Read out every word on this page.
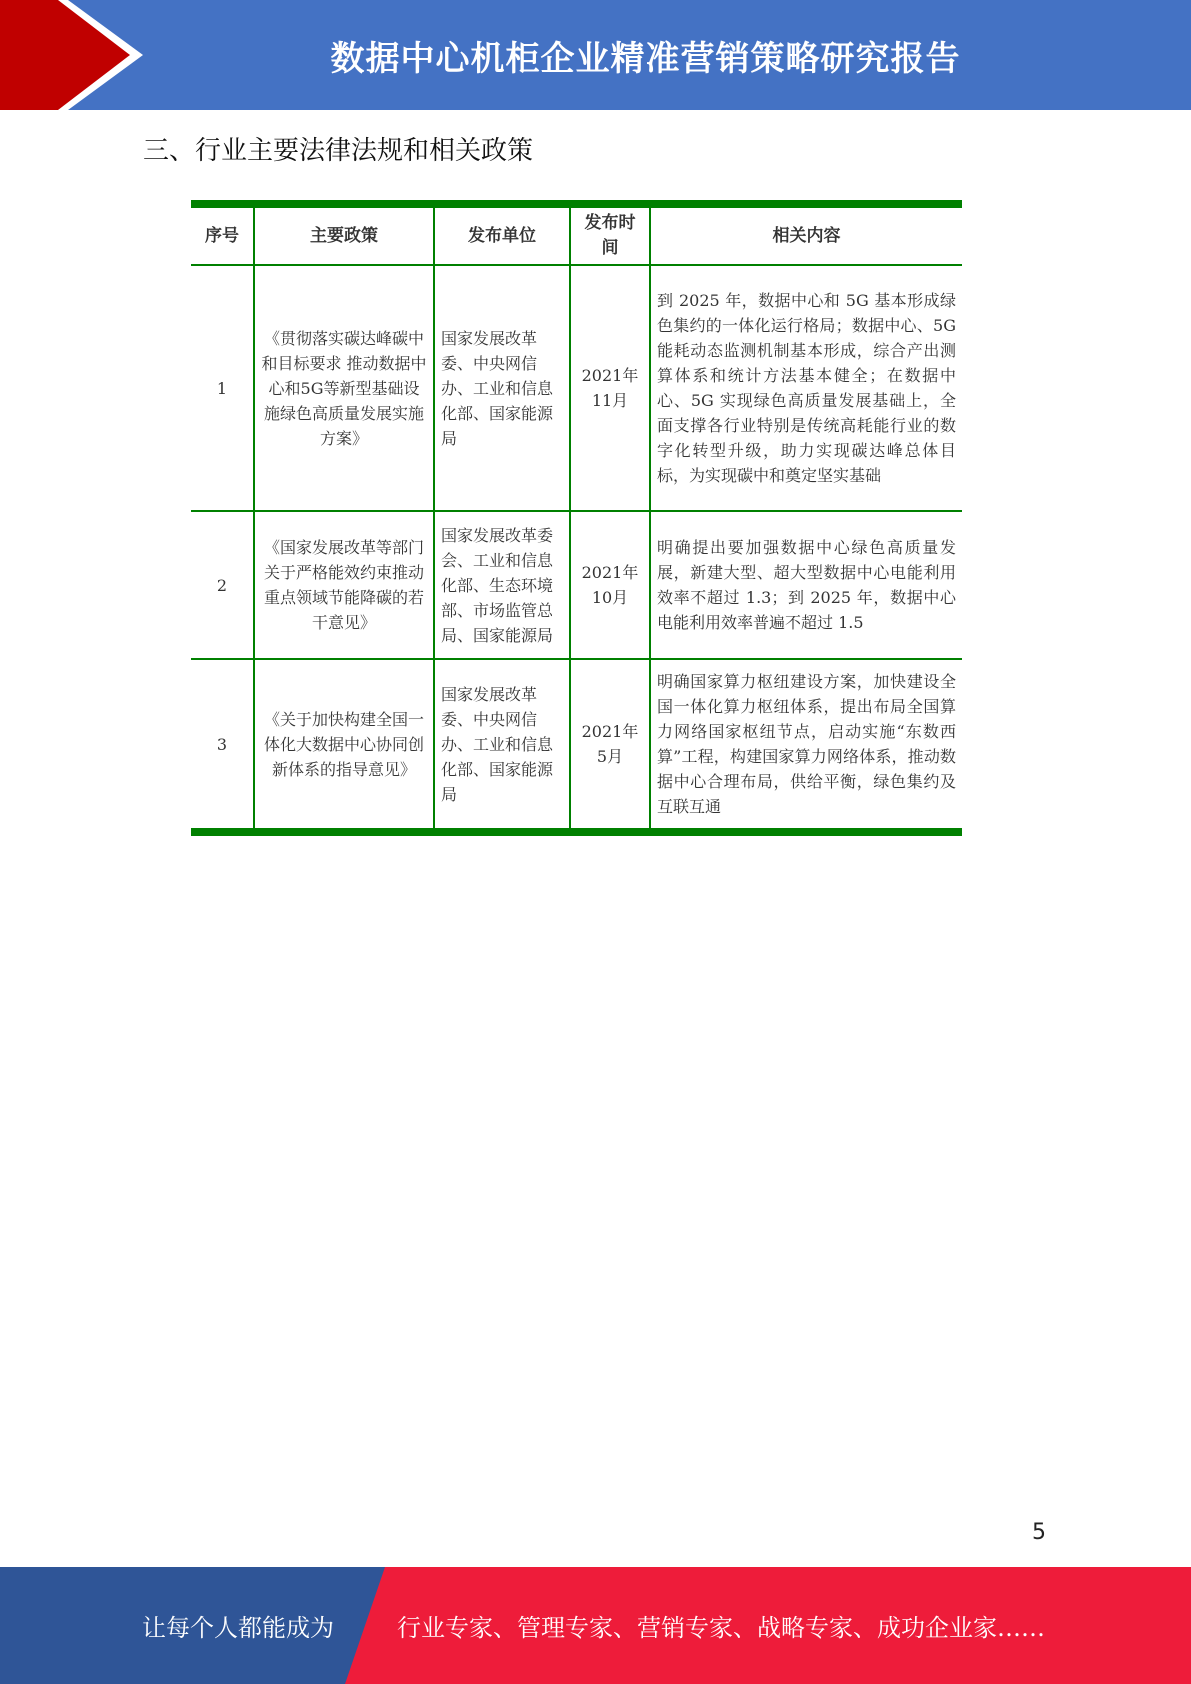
数据中心机柜企业精准营销策略研究报告
三、行业主要法律法规和相关政策
序号	主要政策	发布单位	发布时间	相关内容
1	《贯彻落实碳达峰碳中和目标要求 推动数据中心和5G等新型基础设施绿色高质量发展实施方案》	国家发展改革委、中央网信办、工业和信息化部、国家能源局	2021年11月	到 2025 年，数据中心和 5G 基本形成绿色集约的一体化运行格局；数据中心、5G 能耗动态监测机制基本形成，综合产出测算体系和统计方法基本健全；在数据中心、5G 实现绿色高质量发展基础上，全面支撑各行业特别是传统高耗能行业的数字化转型升级，助力实现碳达峰总体目标，为实现碳中和奠定坚实基础
2	《国家发展改革等部门关于严格能效约束推动重点领域节能降碳的若干意见》	国家发展改革委会、工业和信息化部、生态环境部、市场监管总局、国家能源局	2021年10月	明确提出要加强数据中心绿色高质量发展，新建大型、超大型数据中心电能利用效率不超过 1.3；到 2025 年，数据中心电能利用效率普遍不超过 1.5
3	《关于加快构建全国一体化大数据中心协同创新体系的指导意见》	国家发展改革委、中央网信办、工业和信息化部、国家能源局	2021年5月	明确国家算力枢纽建设方案，加快建设全国一体化算力枢纽体系，提出布局全国算力网络国家枢纽节点，启动实施“东数西算”工程，构建国家算力网络体系，推动数据中心合理布局，供给平衡，绿色集约及互联互通
5
让每个人都能成为	行业专家、管理专家、营销专家、战略专家、成功企业家……
